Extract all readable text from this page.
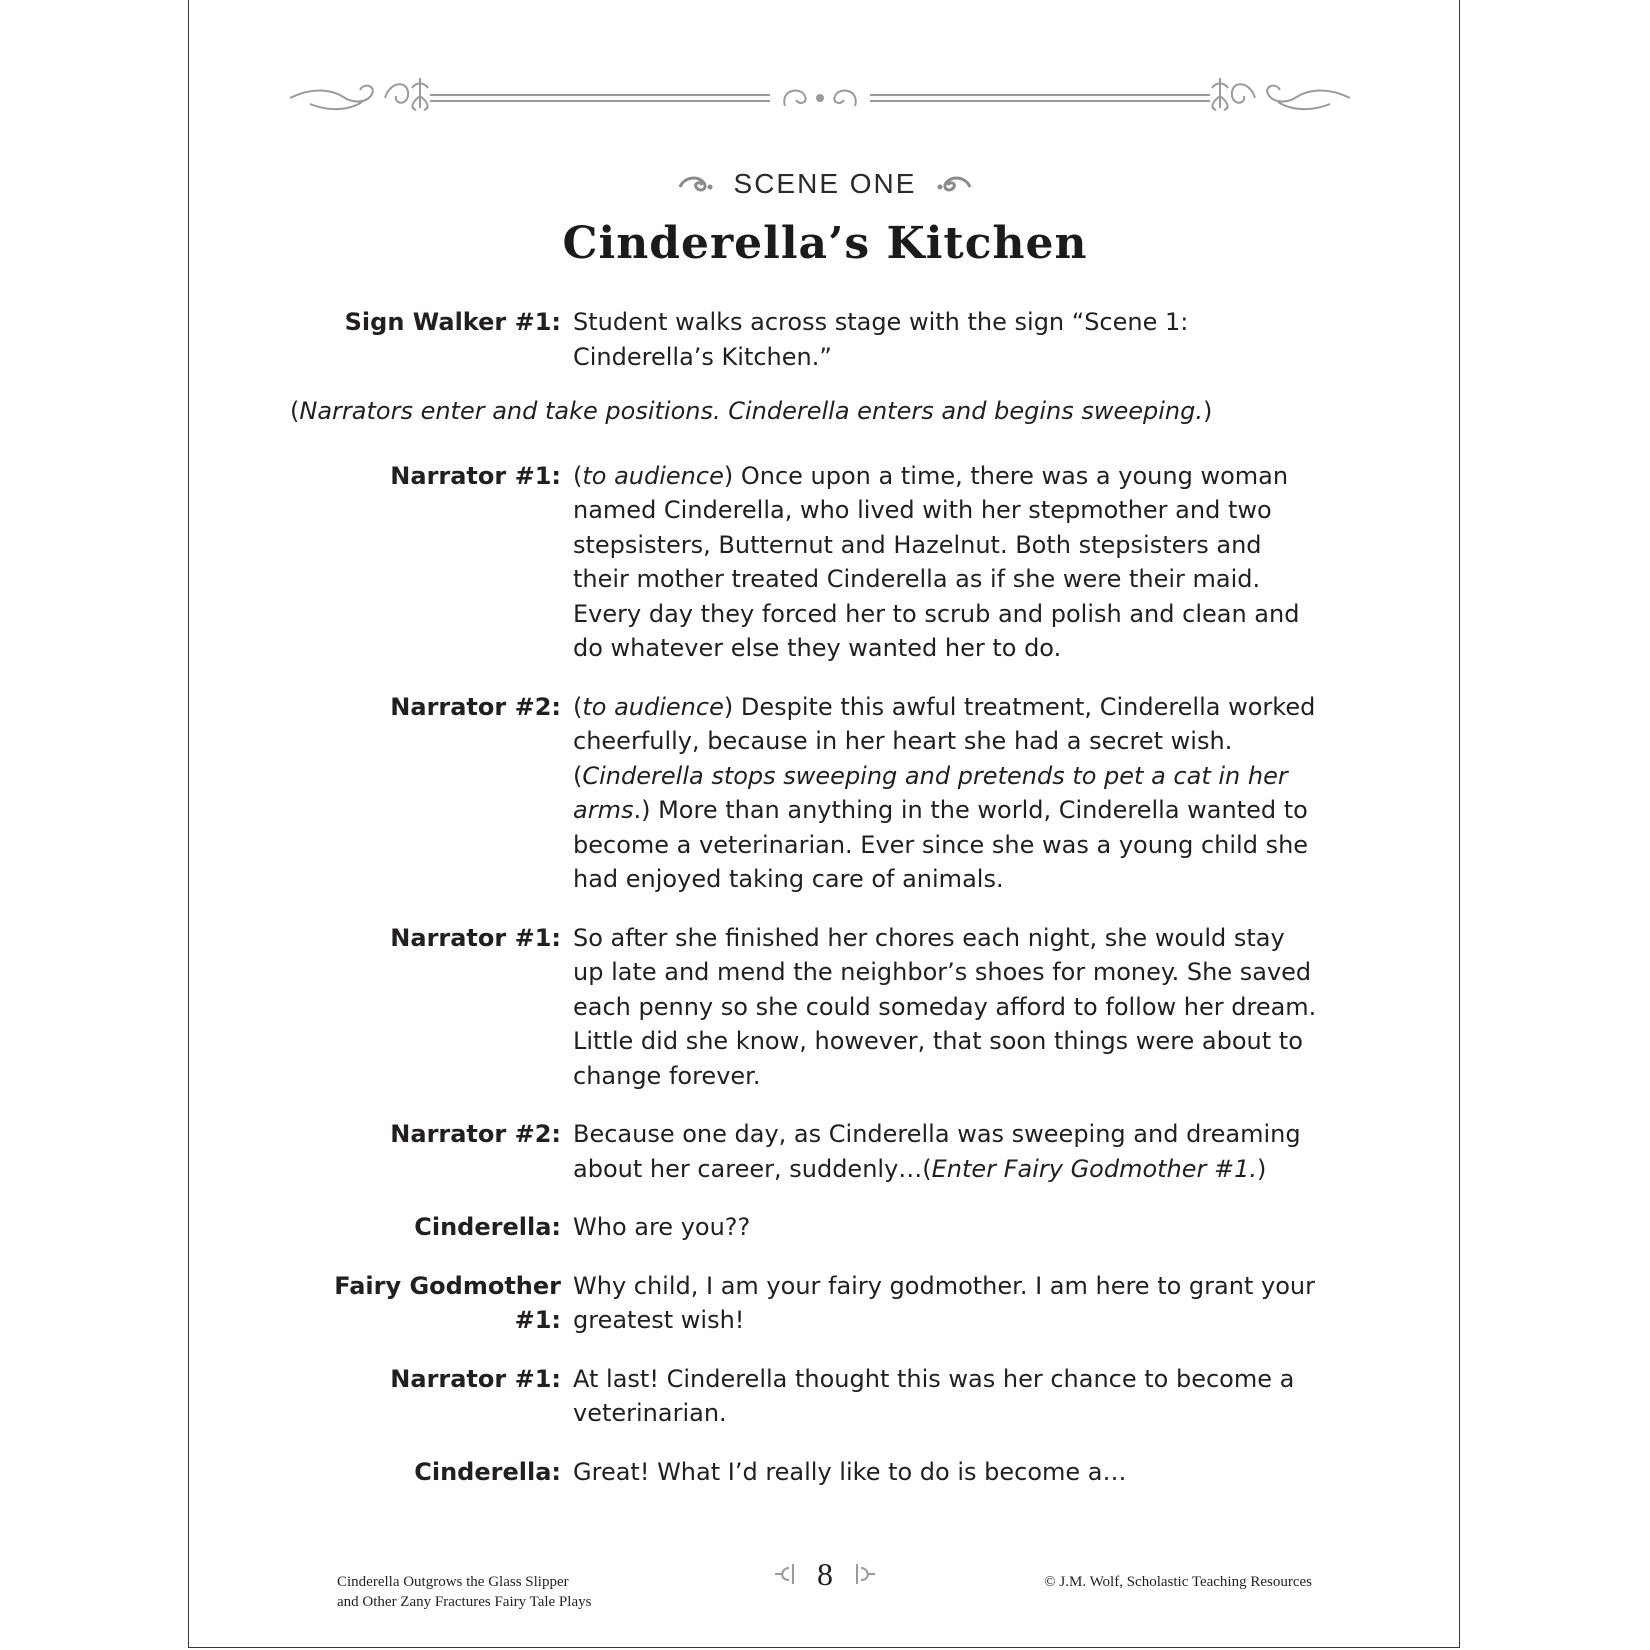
SCENE ONE
Cinderella’s Kitchen
Sign Walker #1: Student walks across stage with the sign “Scene 1: Cinderella’s Kitchen.”
(Narrators enter and take positions. Cinderella enters and begins sweeping.)
Narrator #1: (to audience) Once upon a time, there was a young woman named Cinderella, who lived with her stepmother and two stepsisters, Butternut and Hazelnut. Both stepsisters and their mother treated Cinderella as if she were their maid. Every day they forced her to scrub and polish and clean and do whatever else they wanted her to do.
Narrator #2: (to audience) Despite this awful treatment, Cinderella worked cheerfully, because in her heart she had a secret wish. (Cinderella stops sweeping and pretends to pet a cat in her arms.) More than anything in the world, Cinderella wanted to become a veterinarian. Ever since she was a young child she had enjoyed taking care of animals.
Narrator #1: So after she finished her chores each night, she would stay up late and mend the neighbor’s shoes for money. She saved each penny so she could someday afford to follow her dream. Little did she know, however, that soon things were about to change forever.
Narrator #2: Because one day, as Cinderella was sweeping and dreaming about her career, suddenly…(Enter Fairy Godmother #1.)
Cinderella: Who are you??
Fairy Godmother #1:
Why child, I am your fairy godmother. I am here to grant your greatest wish!
Narrator #1: At last! Cinderella thought this was her chance to become a veterinarian.
Cinderella: Great! What I’d really like to do is become a…
Cinderella Outgrows the Glass Slipper
and Other Zany Fractures Fairy Tale Plays
8	© J.M. Wolf, Scholastic Teaching Resources
